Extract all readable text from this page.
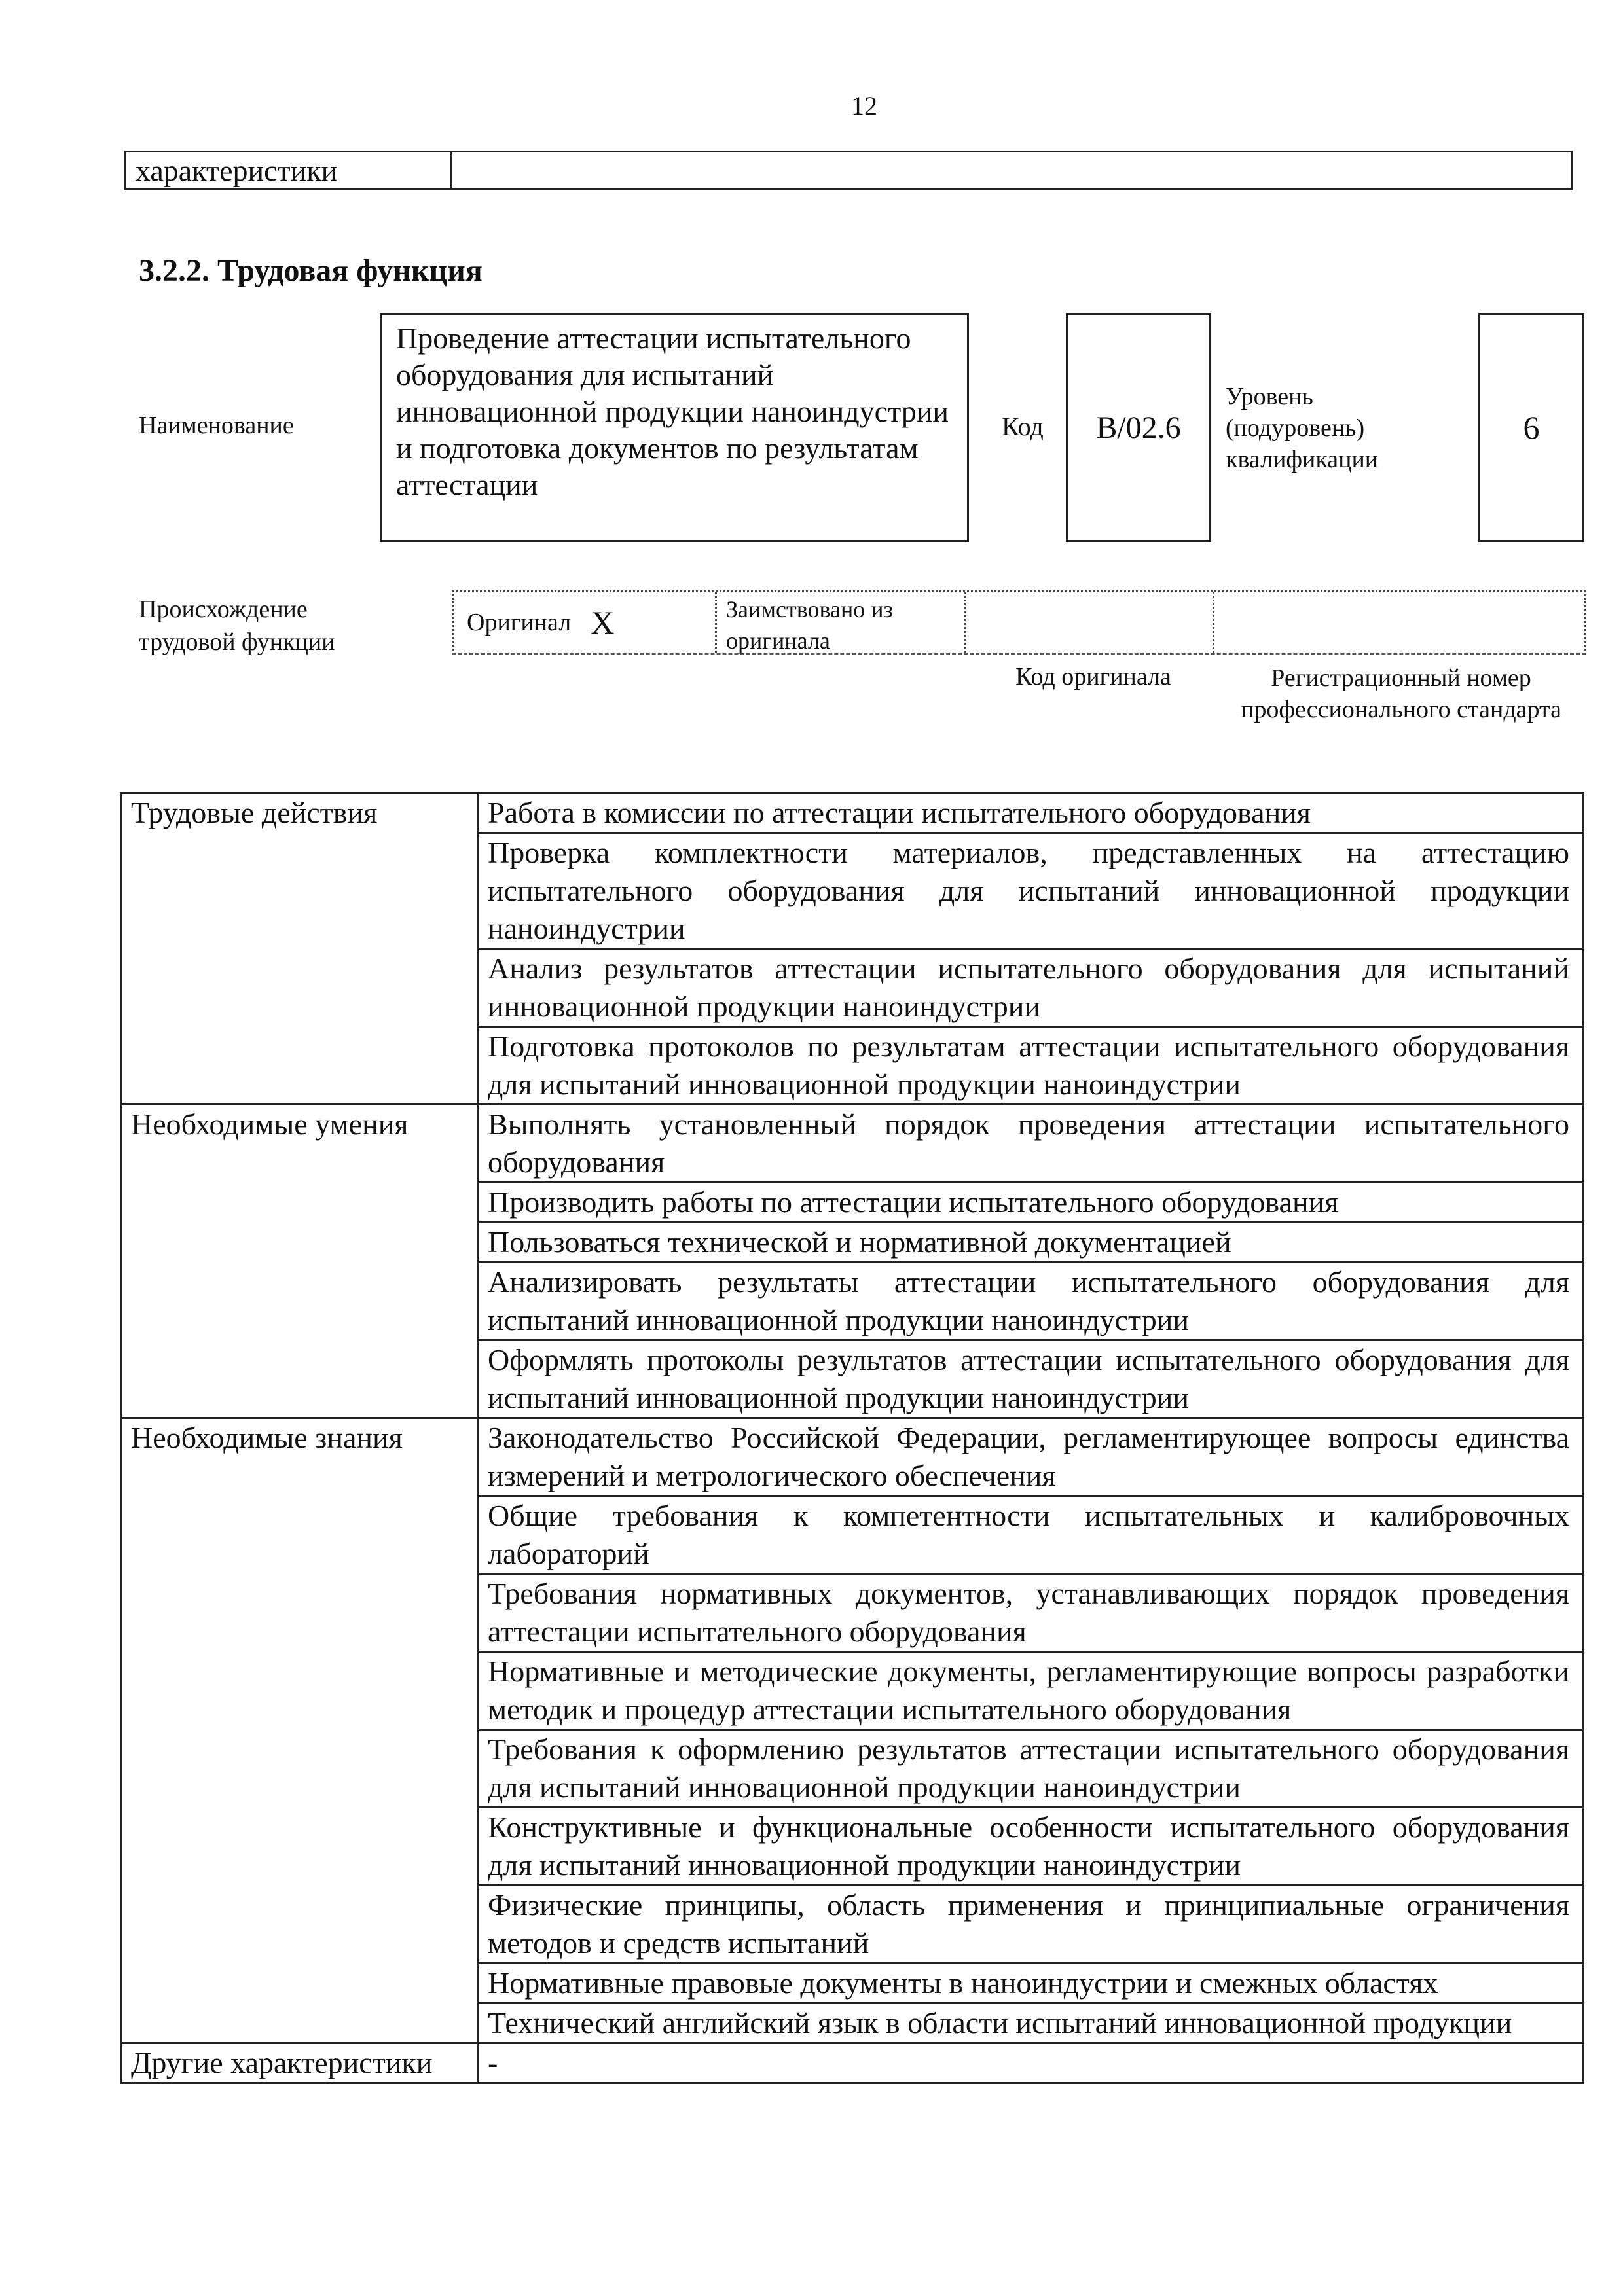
12
характеристики
3.2.2. Трудовая функция
Наименование
Проведение аттестации испытательного оборудования для испытаний инновационной продукции наноиндустрии и подготовка документов по результатам аттестации
Код	B/02.6
Уровень (подуровень) квалификации
6
Происхождение трудовой функции
Оригинал X	Заимствовано из оригинала
Код оригинала	Регистрационный номер профессионального стандарта
Трудовые действия	Работа в комиссии по аттестации испытательного оборудования
	Проверка комплектности материалов, представленных на аттестацию испытательного оборудования для испытаний инновационной продукции наноиндустрии
	Анализ результатов аттестации испытательного оборудования для испытаний инновационной продукции наноиндустрии
	Подготовка протоколов по результатам аттестации испытательного оборудования для испытаний инновационной продукции наноиндустрии
Необходимые умения	Выполнять установленный порядок проведения аттестации испытательного оборудования
	Производить работы по аттестации испытательного оборудования
	Пользоваться технической и нормативной документацией
	Анализировать результаты аттестации испытательного оборудования для испытаний инновационной продукции наноиндустрии
	Оформлять протоколы результатов аттестации испытательного оборудования для испытаний инновационной продукции наноиндустрии
Необходимые знания	Законодательство Российской Федерации, регламентирующее вопросы единства измерений и метрологического обеспечения
	Общие требования к компетентности испытательных и калибровочных лабораторий
	Требования нормативных документов, устанавливающих порядок проведения аттестации испытательного оборудования
	Нормативные и методические документы, регламентирующие вопросы разработки методик и процедур аттестации испытательного оборудования
	Требования к оформлению результатов аттестации испытательного оборудования для испытаний инновационной продукции наноиндустрии
	Конструктивные и функциональные особенности испытательного оборудования для испытаний инновационной продукции наноиндустрии
	Физические принципы, область применения и принципиальные ограничения методов и средств испытаний
	Нормативные правовые документы в наноиндустрии и смежных областях
	Технический английский язык в области испытаний инновационной продукции
Другие характеристики	-
